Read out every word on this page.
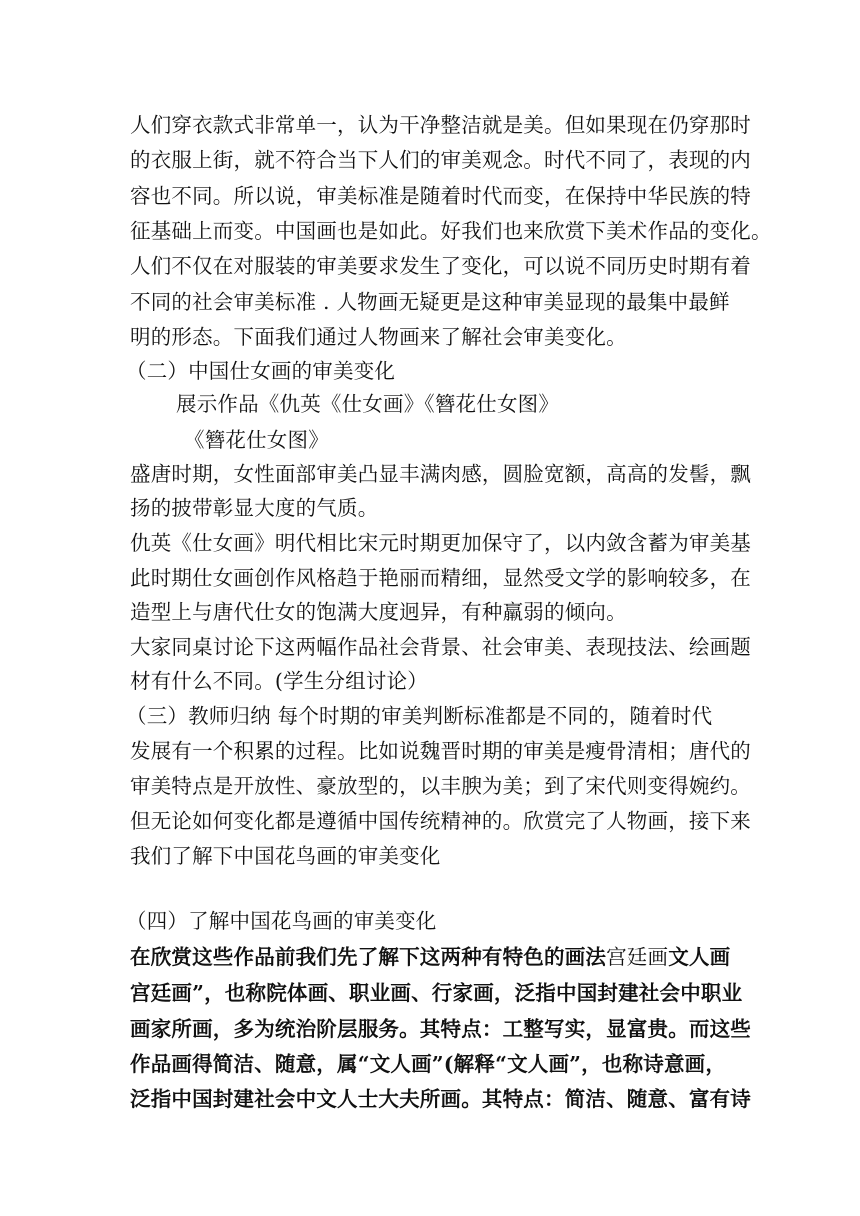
人们穿衣款式非常单一，认为干净整洁就是美。但如果现在仍穿那时
的衣服上街，就不符合当下人们的审美观念。时代不同了，表现的内
容也不同。所以说，审美标准是随着时代而变，在保持中华民族的特
征基础上而变。中国画也是如此。好我们也来欣赏下美术作品的变化。
人们不仅在对服装的审美要求发生了变化，可以说不同历史时期有着
不同的社会审美标准 . 人物画无疑更是这种审美显现的最集中最鲜
明的形态。下面我们通过人物画来了解社会审美变化。
（二）中国仕女画的审美变化
展示作品《仇英《仕女画》《簪花仕女图》
《簪花仕女图》
盛唐时期，女性面部审美凸显丰满肉感，圆脸宽额，高高的发髻，飘
扬的披带彰显大度的气质。
仇英《仕女画》明代相比宋元时期更加保守了，以内敛含蓄为审美基
此时期仕女画创作风格趋于艳丽而精细，显然受文学的影响较多，在
造型上与唐代仕女的饱满大度迥异，有种羸弱的倾向。
大家同桌讨论下这两幅作品社会背景、社会审美、表现技法、绘画题
材有什么不同。(学生分组讨论）
（三）教师归纳 每个时期的审美判断标准都是不同的，随着时代
发展有一个积累的过程。比如说魏晋时期的审美是瘦骨清相；唐代的
审美特点是开放性、豪放型的，以丰腴为美；到了宋代则变得婉约。
但无论如何变化都是遵循中国传统精神的。欣赏完了人物画，接下来
我们了解下中国花鸟画的审美变化
（四）了解中国花鸟画的审美变化
在欣赏这些作品前我们先了解下这两种有特色的画法宫廷画文人画
宫廷画”，也称院体画、职业画、行家画，泛指中国封建社会中职业
画家所画，多为统治阶层服务。其特点：工整写实，显富贵。而这些
作品画得简洁、随意，属“文人画”(解释“文人画”，也称诗意画，
泛指中国封建社会中文人士大夫所画。其特点：简洁、随意、富有诗
